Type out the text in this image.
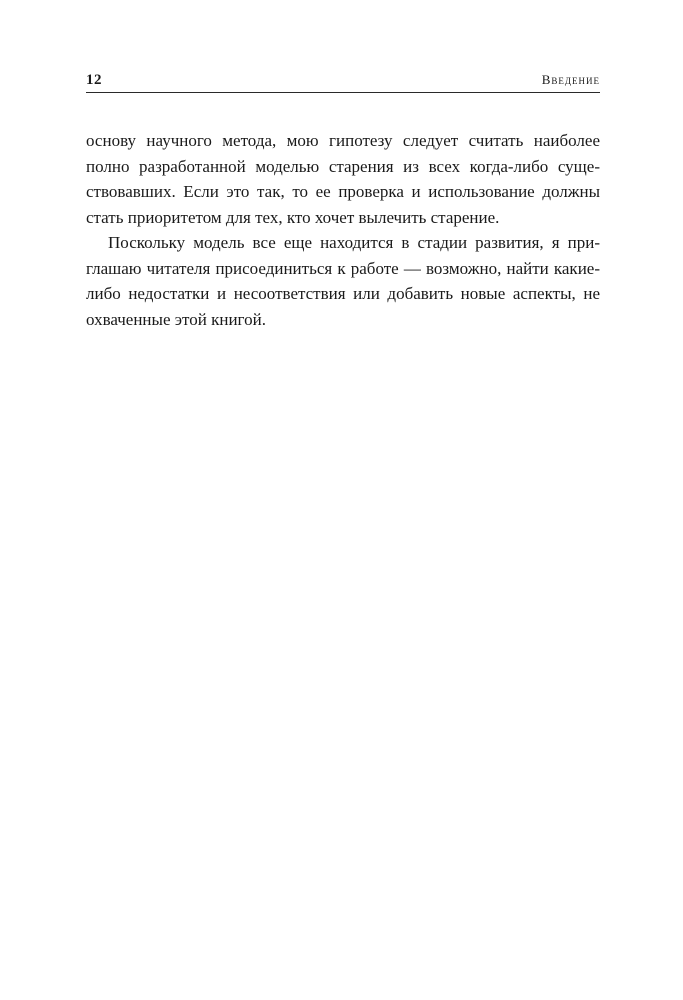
12	Введение

основу научного метода, мою гипотезу следует считать наиболее полно разработанной моделью старения из всех когда-либо существовавших. Если это так, то ее проверка и использование должны стать приоритетом для тех, кто хочет вылечить старение.

Поскольку модель все еще находится в стадии развития, я приглашаю читателя присоединиться к работе — возможно, найти какие-либо недостатки и несоответствия или добавить новые аспекты, не охваченные этой книгой.
